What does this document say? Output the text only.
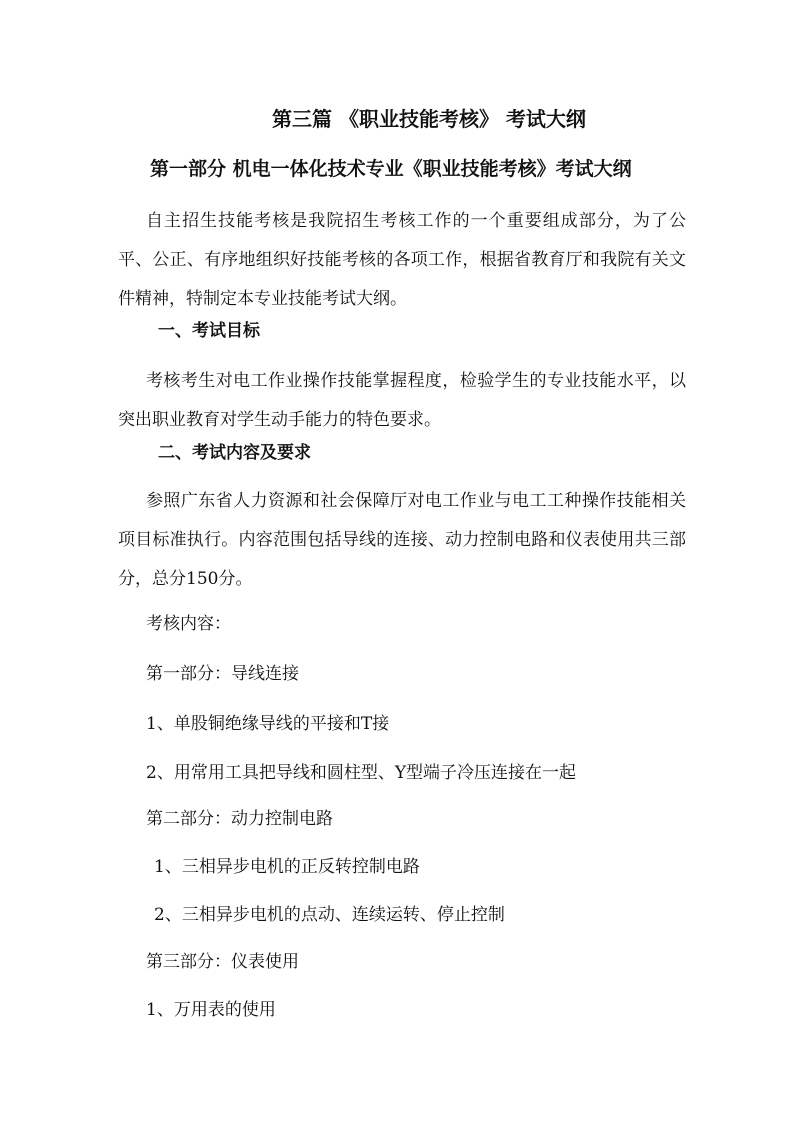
第三篇 《职业技能考核》 考试大纲
第一部分 机电一体化技术专业《职业技能考核》考试大纲
自主招生技能考核是我院招生考核工作的一个重要组成部分，为了公平、公正、有序地组织好技能考核的各项工作，根据省教育厅和我院有关文件精神，特制定本专业技能考试大纲。
一、考试目标
考核考生对电工作业操作技能掌握程度，检验学生的专业技能水平，以突出职业教育对学生动手能力的特色要求。
二、考试内容及要求
参照广东省人力资源和社会保障厅对电工作业与电工工种操作技能相关项目标准执行。内容范围包括导线的连接、动力控制电路和仪表使用共三部分，总分150分。
考核内容：
第一部分：导线连接
1、单股铜绝缘导线的平接和T接
2、用常用工具把导线和圆柱型、Y型端子冷压连接在一起
第二部分：动力控制电路
1、三相异步电机的正反转控制电路
2、三相异步电机的点动、连续运转、停止控制
第三部分：仪表使用
1、万用表的使用
